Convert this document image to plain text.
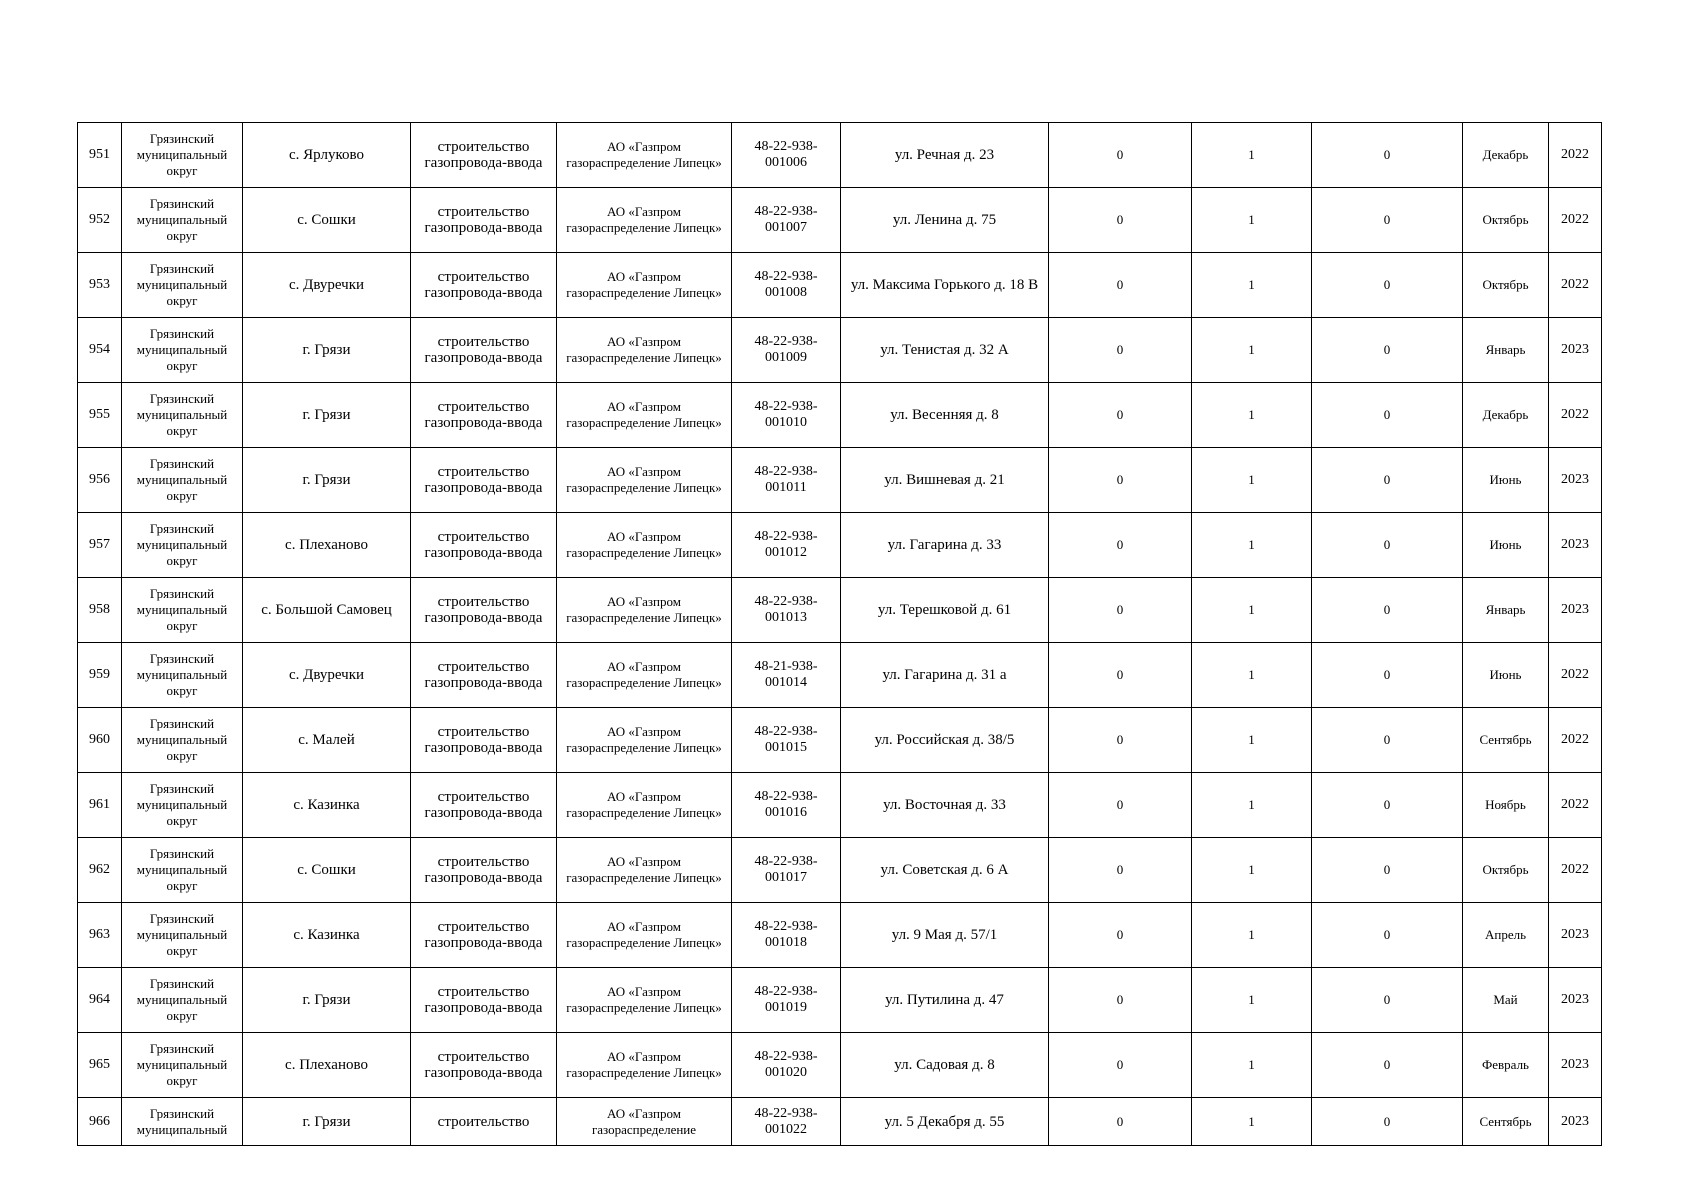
951	Грязинский муниципальный округ	с. Ярлуково	строительство газопровода-ввода	АО «Газпром газораспределение Липецк»	48-22-938-001006	ул. Речная д. 23	0	1	0	Декабрь	2022
952	Грязинский муниципальный округ	с. Сошки	строительство газопровода-ввода	АО «Газпром газораспределение Липецк»	48-22-938-001007	ул. Ленина д. 75	0	1	0	Октябрь	2022
953	Грязинский муниципальный округ	с. Двуречки	строительство газопровода-ввода	АО «Газпром газораспределение Липецк»	48-22-938-001008	ул. Максима Горького д. 18 В	0	1	0	Октябрь	2022
954	Грязинский муниципальный округ	г. Грязи	строительство газопровода-ввода	АО «Газпром газораспределение Липецк»	48-22-938-001009	ул. Тенистая д. 32 А	0	1	0	Январь	2023
955	Грязинский муниципальный округ	г. Грязи	строительство газопровода-ввода	АО «Газпром газораспределение Липецк»	48-22-938-001010	ул. Весенняя д. 8	0	1	0	Декабрь	2022
956	Грязинский муниципальный округ	г. Грязи	строительство газопровода-ввода	АО «Газпром газораспределение Липецк»	48-22-938-001011	ул. Вишневая д. 21	0	1	0	Июнь	2023
957	Грязинский муниципальный округ	с. Плеханово	строительство газопровода-ввода	АО «Газпром газораспределение Липецк»	48-22-938-001012	ул. Гагарина д. 33	0	1	0	Июнь	2023
958	Грязинский муниципальный округ	с. Большой Самовец	строительство газопровода-ввода	АО «Газпром газораспределение Липецк»	48-22-938-001013	ул. Терешковой д. 61	0	1	0	Январь	2023
959	Грязинский муниципальный округ	с. Двуречки	строительство газопровода-ввода	АО «Газпром газораспределение Липецк»	48-21-938-001014	ул. Гагарина д. 31 а	0	1	0	Июнь	2022
960	Грязинский муниципальный округ	с. Малей	строительство газопровода-ввода	АО «Газпром газораспределение Липецк»	48-22-938-001015	ул. Российская д. 38/5	0	1	0	Сентябрь	2022
961	Грязинский муниципальный округ	с. Казинка	строительство газопровода-ввода	АО «Газпром газораспределение Липецк»	48-22-938-001016	ул. Восточная д. 33	0	1	0	Ноябрь	2022
962	Грязинский муниципальный округ	с. Сошки	строительство газопровода-ввода	АО «Газпром газораспределение Липецк»	48-22-938-001017	ул. Советская д. 6 А	0	1	0	Октябрь	2022
963	Грязинский муниципальный округ	с. Казинка	строительство газопровода-ввода	АО «Газпром газораспределение Липецк»	48-22-938-001018	ул. 9 Мая д. 57/1	0	1	0	Апрель	2023
964	Грязинский муниципальный округ	г. Грязи	строительство газопровода-ввода	АО «Газпром газораспределение Липецк»	48-22-938-001019	ул. Путилина д. 47	0	1	0	Май	2023
965	Грязинский муниципальный округ	с. Плеханово	строительство газопровода-ввода	АО «Газпром газораспределение Липецк»	48-22-938-001020	ул. Садовая д. 8	0	1	0	Февраль	2023
966	Грязинский муниципальный	г. Грязи	строительство	АО «Газпром газораспределение	48-22-938-001022	ул. 5 Декабря д. 55	0	1	0	Сентябрь	2023
